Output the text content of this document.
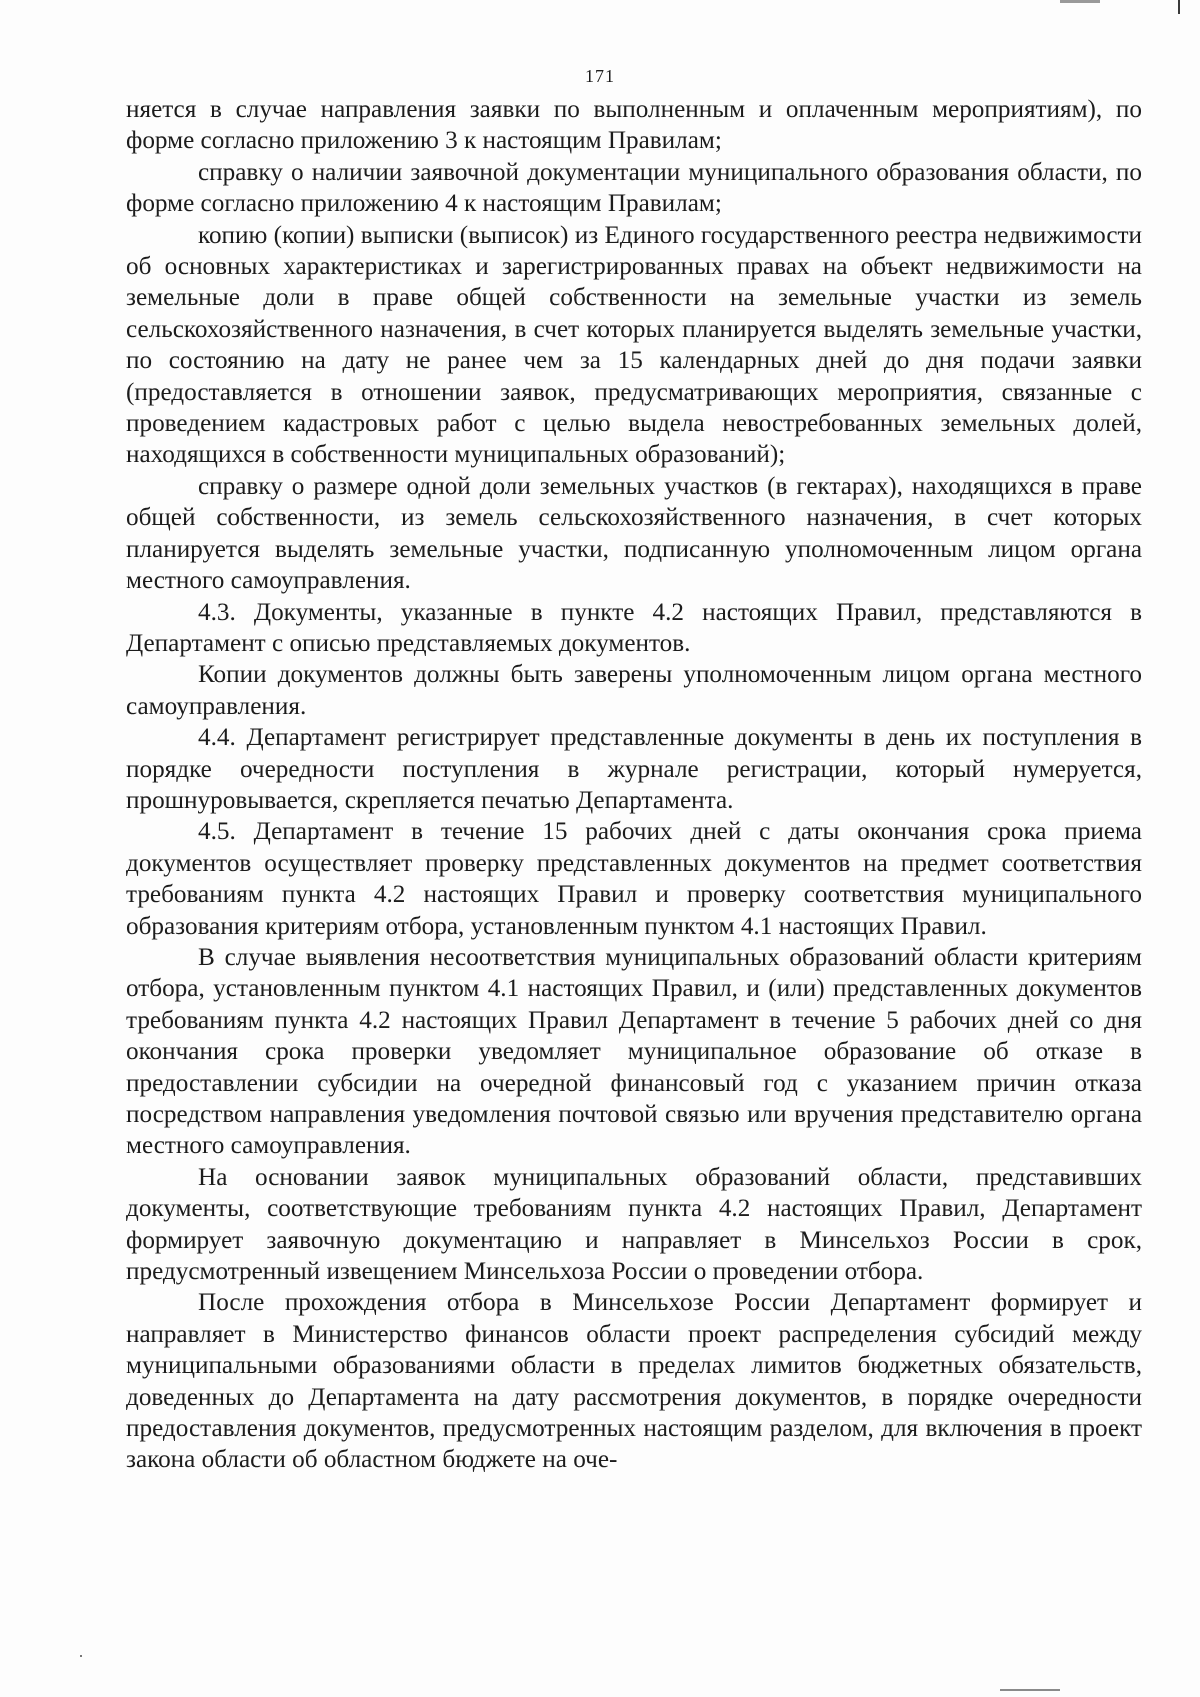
171

няется в случае направления заявки по выполненным и оплаченным мероприятиям), по форме согласно приложению 3 к настоящим Правилам;

справку о наличии заявочной документации муниципального образования области, по форме согласно приложению 4 к настоящим Правилам;

копию (копии) выписки (выписок) из Единого государственного реестра недвижимости об основных характеристиках и зарегистрированных правах на объект недвижимости на земельные доли в праве общей собственности на земельные участки из земель сельскохозяйственного назначения, в счет которых планируется выделять земельные участки, по состоянию на дату не ранее чем за 15 календарных дней до дня подачи заявки (предоставляется в отношении заявок, предусматривающих мероприятия, связанные с проведением кадастровых работ с целью выдела невостребованных земельных долей, находящихся в собственности муниципальных образований);

справку о размере одной доли земельных участков (в гектарах), находящихся в праве общей собственности, из земель сельскохозяйственного назначения, в счет которых планируется выделять земельные участки, подписанную уполномоченным лицом органа местного самоуправления.

4.3. Документы, указанные в пункте 4.2 настоящих Правил, представляются в Департамент с описью представляемых документов.

Копии документов должны быть заверены уполномоченным лицом органа местного самоуправления.

4.4. Департамент регистрирует представленные документы в день их поступления в порядке очередности поступления в журнале регистрации, который нумеруется, прошнуровывается, скрепляется печатью Департамента.

4.5. Департамент в течение 15 рабочих дней с даты окончания срока приема документов осуществляет проверку представленных документов на предмет соответствия требованиям пункта 4.2 настоящих Правил и проверку соответствия муниципального образования критериям отбора, установленным пунктом 4.1 настоящих Правил.

В случае выявления несоответствия муниципальных образований области критериям отбора, установленным пунктом 4.1 настоящих Правил, и (или) представленных документов требованиям пункта 4.2 настоящих Правил Департамент в течение 5 рабочих дней со дня окончания срока проверки уведомляет муниципальное образование об отказе в предоставлении субсидии на очередной финансовый год с указанием причин отказа посредством направления уведомления почтовой связью или вручения представителю органа местного самоуправления.

На основании заявок муниципальных образований области, представивших документы, соответствующие требованиям пункта 4.2 настоящих Правил, Департамент формирует заявочную документацию и направляет в Минсельхоз России в срок, предусмотренный извещением Минсельхоза России о проведении отбора.

После прохождения отбора в Минсельхозе России Департамент формирует и направляет в Министерство финансов области проект распределения субсидий между муниципальными образованиями области в пределах лимитов бюджетных обязательств, доведенных до Департамента на дату рассмотрения документов, в порядке очередности предоставления документов, предусмотренных настоящим разделом, для включения в проект закона области об областном бюджете на оче-
